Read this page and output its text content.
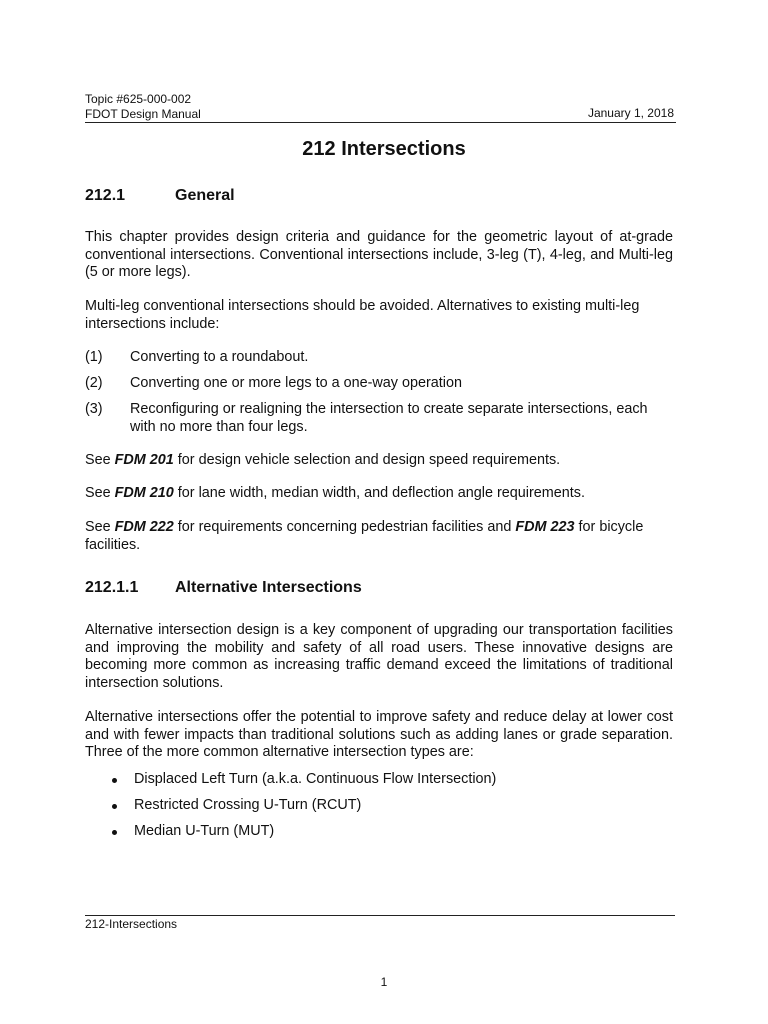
Topic #625-000-002
FDOT Design Manual	January 1, 2018
212 Intersections
212.1	General
This chapter provides design criteria and guidance for the geometric layout of at-grade conventional intersections. Conventional intersections include, 3-leg (T), 4-leg, and Multi-leg (5 or more legs).
Multi-leg conventional intersections should be avoided. Alternatives to existing multi-leg intersections include:
(1) Converting to a roundabout.
(2) Converting one or more legs to a one-way operation
(3) Reconfiguring or realigning the intersection to create separate intersections, each with no more than four legs.
See FDM 201 for design vehicle selection and design speed requirements.
See FDM 210 for lane width, median width, and deflection angle requirements.
See FDM 222 for requirements concerning pedestrian facilities and FDM 223 for bicycle facilities.
212.1.1 Alternative Intersections
Alternative intersection design is a key component of upgrading our transportation facilities and improving the mobility and safety of all road users. These innovative designs are becoming more common as increasing traffic demand exceed the limitations of traditional intersection solutions.
Alternative intersections offer the potential to improve safety and reduce delay at lower cost and with fewer impacts than traditional solutions such as adding lanes or grade separation. Three of the more common alternative intersection types are:
Displaced Left Turn (a.k.a. Continuous Flow Intersection)
Restricted Crossing U-Turn (RCUT)
Median U-Turn (MUT)
212-Intersections
1
